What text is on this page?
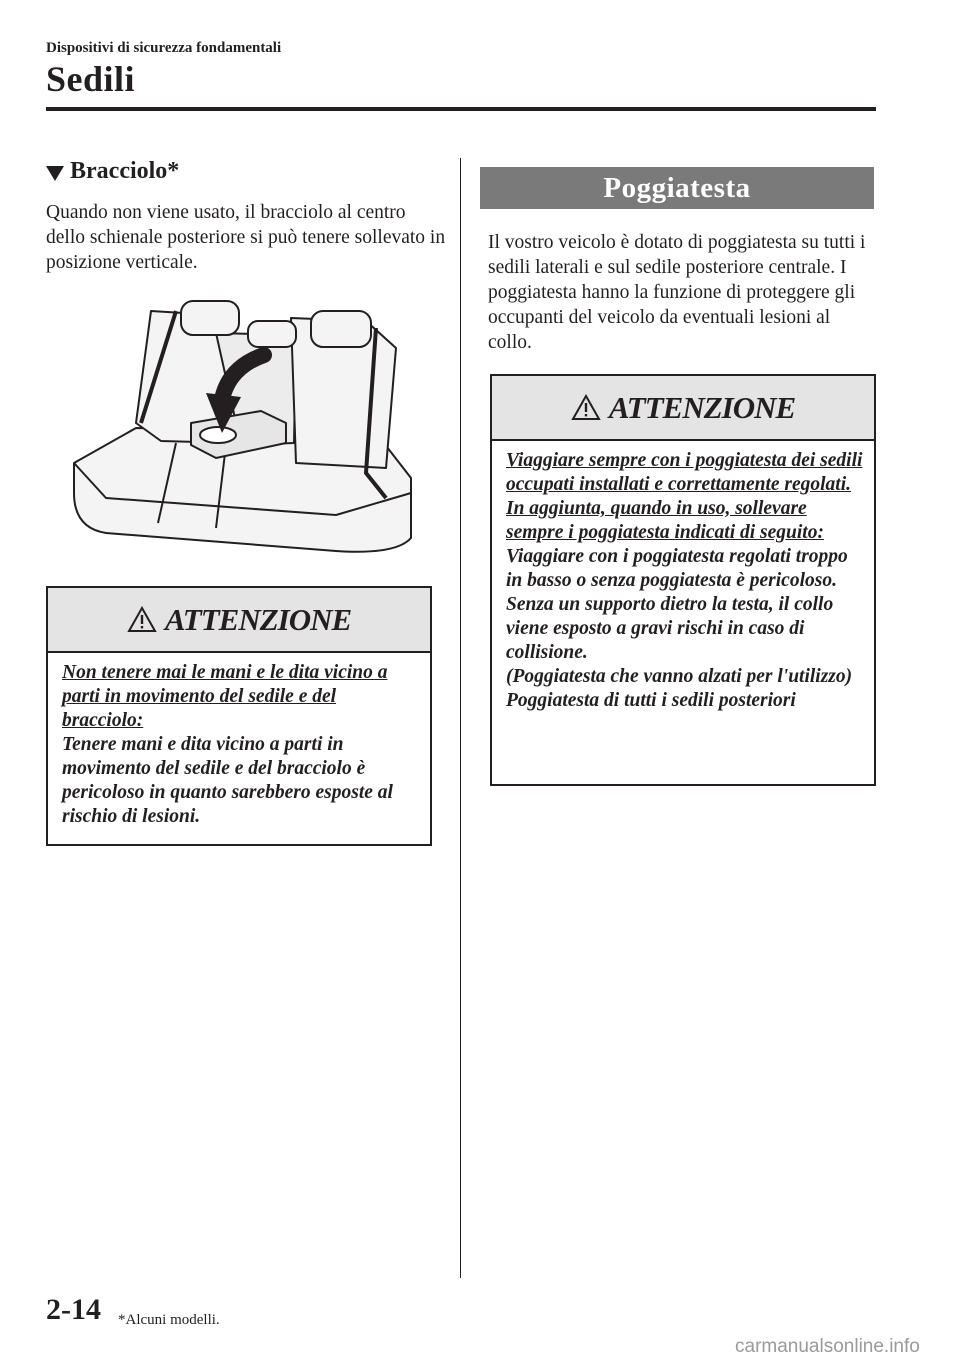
Dispositivi di sicurezza fondamentali
Sedili
Bracciolo*
Quando non viene usato, il bracciolo al centro dello schienale posteriore si può tenere sollevato in posizione verticale.
ATTENZIONE
Non tenere mai le mani e le dita vicino a parti in movimento del sedile e del bracciolo:
Tenere mani e dita vicino a parti in movimento del sedile e del bracciolo è pericoloso in quanto sarebbero esposte al rischio di lesioni.
Poggiatesta
Il vostro veicolo è dotato di poggiatesta su tutti i sedili laterali e sul sedile posteriore centrale. I poggiatesta hanno la funzione di proteggere gli occupanti del veicolo da eventuali lesioni al collo.
ATTENZIONE
Viaggiare sempre con i poggiatesta dei sedili occupati installati e correttamente regolati. In aggiunta, quando in uso, sollevare sempre i poggiatesta indicati di seguito:
Viaggiare con i poggiatesta regolati troppo in basso o senza poggiatesta è pericoloso. Senza un supporto dietro la testa, il collo viene esposto a gravi rischi in caso di collisione.
(Poggiatesta che vanno alzati per l'utilizzo)
Poggiatesta di tutti i sedili posteriori
2-14 *Alcuni modelli.
carmanualsonline.info
